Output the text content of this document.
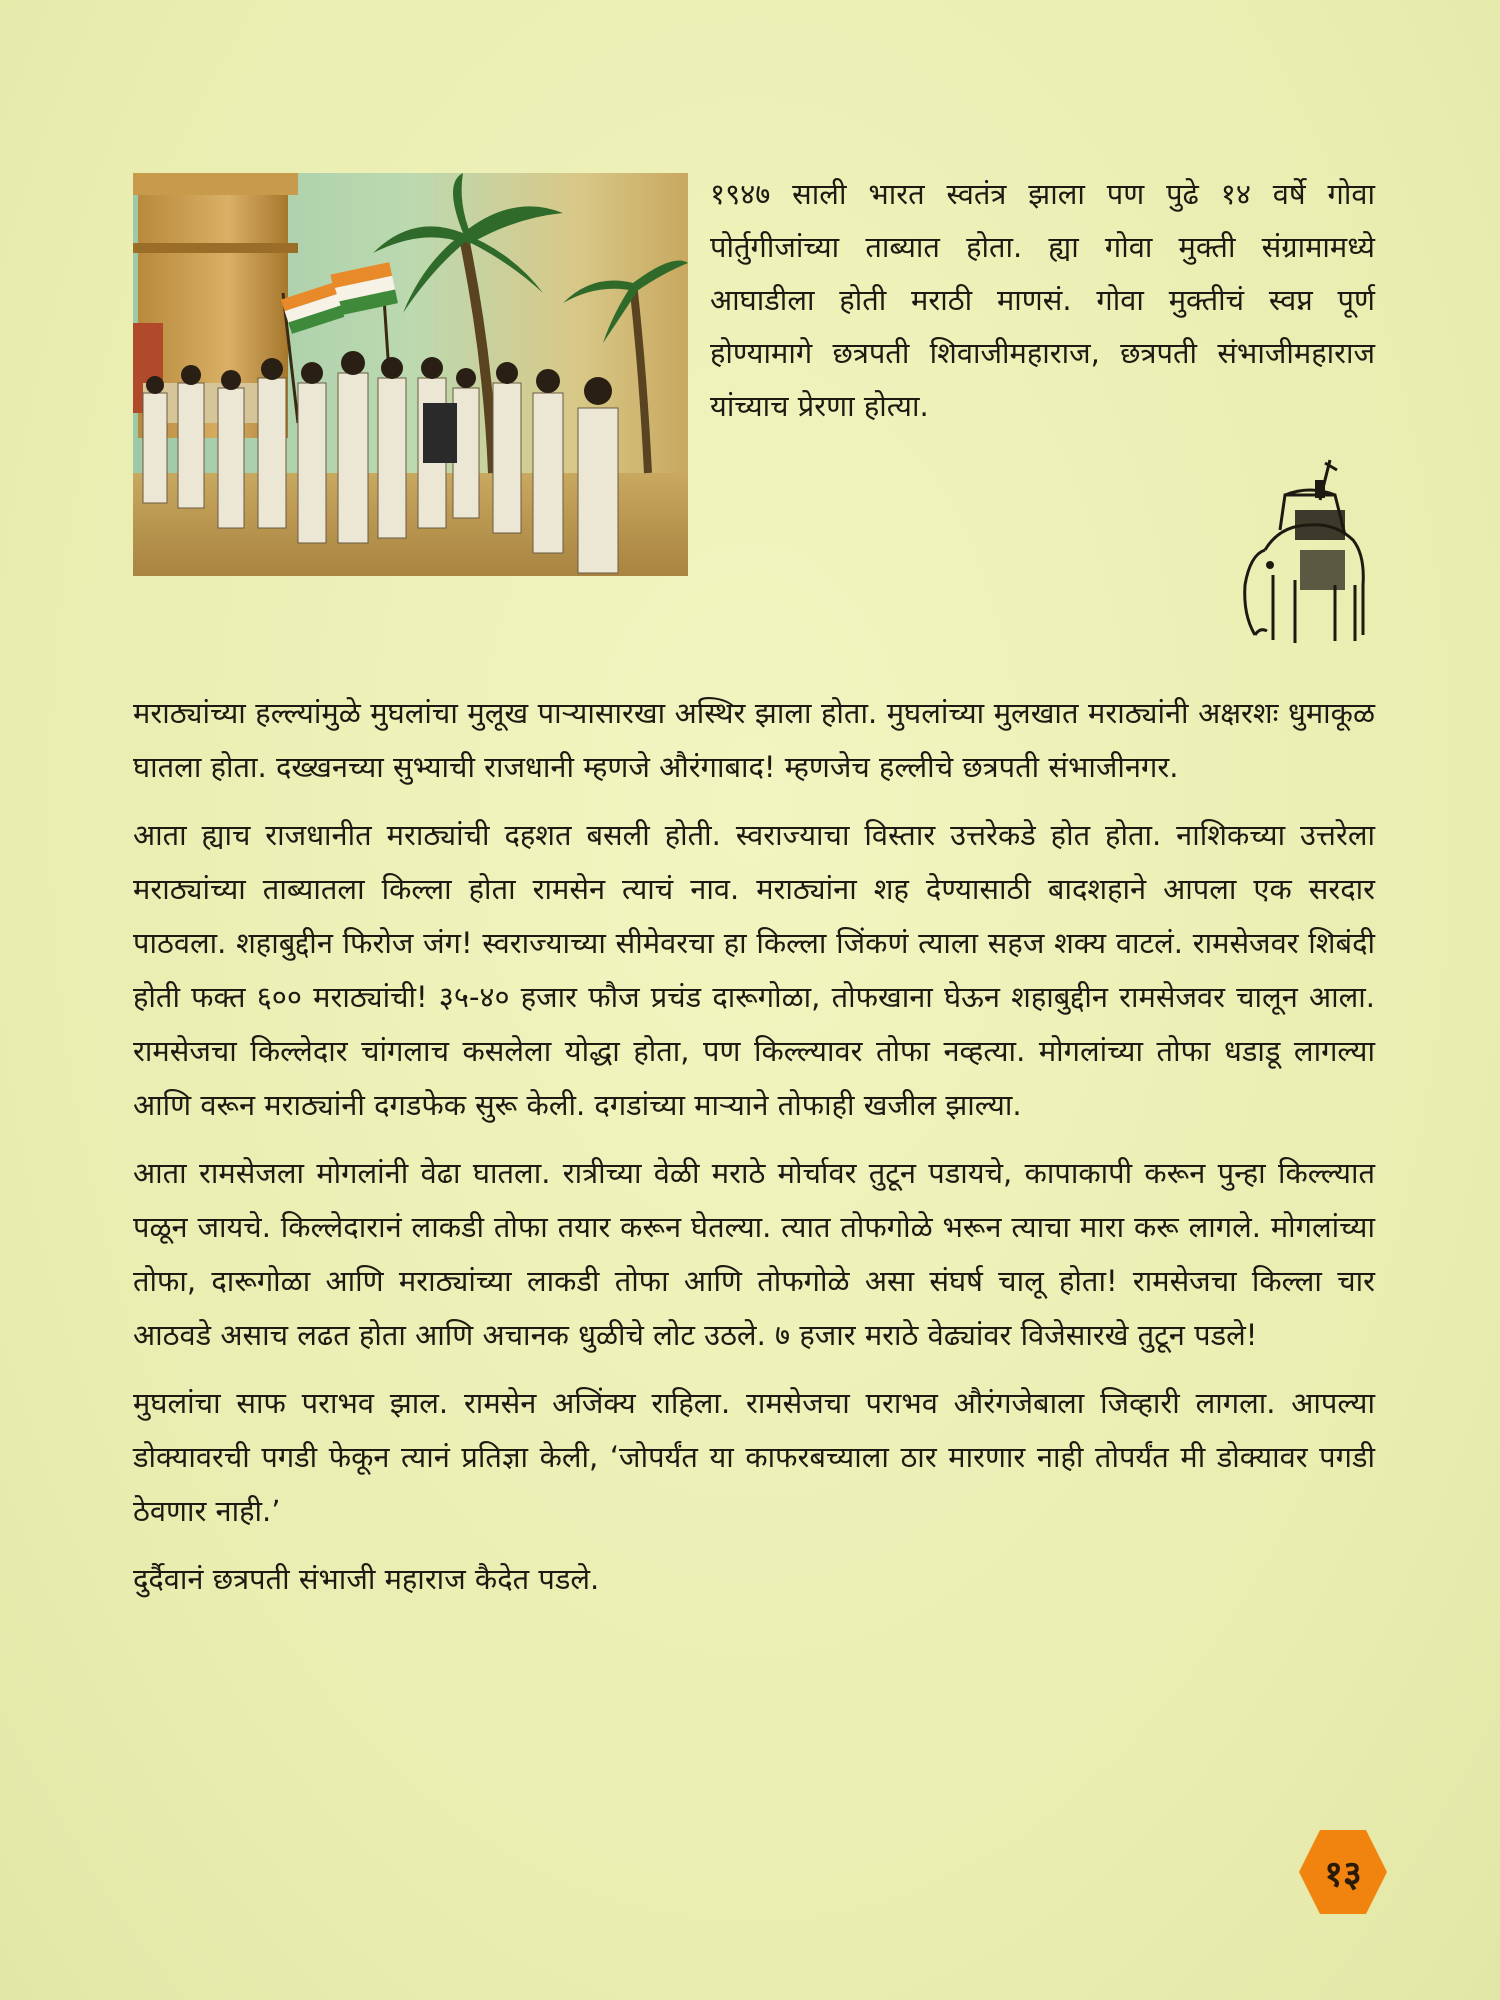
१९४७ साली भारत स्वतंत्र झाला पण पुढे १४ वर्षे गोवा पोर्तुगीजांच्या ताब्यात होता. ह्या गोवा मुक्ती संग्रामामध्ये आघाडीला होती मराठी माणसं. गोवा मुक्तीचं स्वप्न पूर्ण होण्यामागे छत्रपती शिवाजीमहाराज, छत्रपती संभाजीमहाराज यांच्याच प्रेरणा होत्या.

मराठ्यांच्या हल्ल्यांमुळे मुघलांचा मुलूख पाऱ्यासारखा अस्थिर झाला होता. मुघलांच्या मुलखात मराठ्यांनी अक्षरशः धुमाकूळ घातला होता. दख्खनच्या सुभ्याची राजधानी म्हणजे औरंगाबाद! म्हणजेच हल्लीचे छत्रपती संभाजीनगर.

आता ह्याच राजधानीत मराठ्यांची दहशत बसली होती. स्वराज्याचा विस्तार उत्तरेकडे होत होता. नाशिकच्या उत्तरेला मराठ्यांच्या ताब्यातला किल्ला होता रामसेन त्याचं नाव. मराठ्यांना शह देण्यासाठी बादशहाने आपला एक सरदार पाठवला. शहाबुद्दीन फिरोज जंग! स्वराज्याच्या सीमेवरचा हा किल्ला जिंकणं त्याला सहज शक्य वाटलं. रामसेजवर शिबंदी होती फक्त ६०० मराठ्यांची! ३५-४० हजार फौज प्रचंड दारूगोळा, तोफखाना घेऊन शहाबुद्दीन रामसेजवर चालून आला. रामसेजचा किल्लेदार चांगलाच कसलेला योद्धा होता, पण किल्ल्यावर तोफा नव्हत्या. मोगलांच्या तोफा धडाडू लागल्या आणि वरून मराठ्यांनी दगडफेक सुरू केली. दगडांच्या माऱ्याने तोफाही खजील झाल्या.

आता रामसेजला मोगलांनी वेढा घातला. रात्रीच्या वेळी मराठे मोर्चावर तुटून पडायचे, कापाकापी करून पुन्हा किल्ल्यात पळून जायचे. किल्लेदारानं लाकडी तोफा तयार करून घेतल्या. त्यात तोफगोळे भरून त्याचा मारा करू लागले. मोगलांच्या तोफा, दारूगोळा आणि मराठ्यांच्या लाकडी तोफा आणि तोफगोळे असा संघर्ष चालू होता! रामसेजचा किल्ला चार आठवडे असाच लढत होता आणि अचानक धुळीचे लोट उठले. ७ हजार मराठे वेढ्यांवर विजेसारखे तुटून पडले!

मुघलांचा साफ पराभव झाल. रामसेन अजिंक्य राहिला. रामसेजचा पराभव औरंगजेबाला जिव्हारी लागला. आपल्या डोक्यावरची पगडी फेकून त्यानं प्रतिज्ञा केली, ‘जोपर्यंत या काफरबच्याला ठार मारणार नाही तोपर्यंत मी डोक्यावर पगडी ठेवणार नाही.’

दुर्दैवानं छत्रपती संभाजी महाराज कैदेत पडले.

१३
